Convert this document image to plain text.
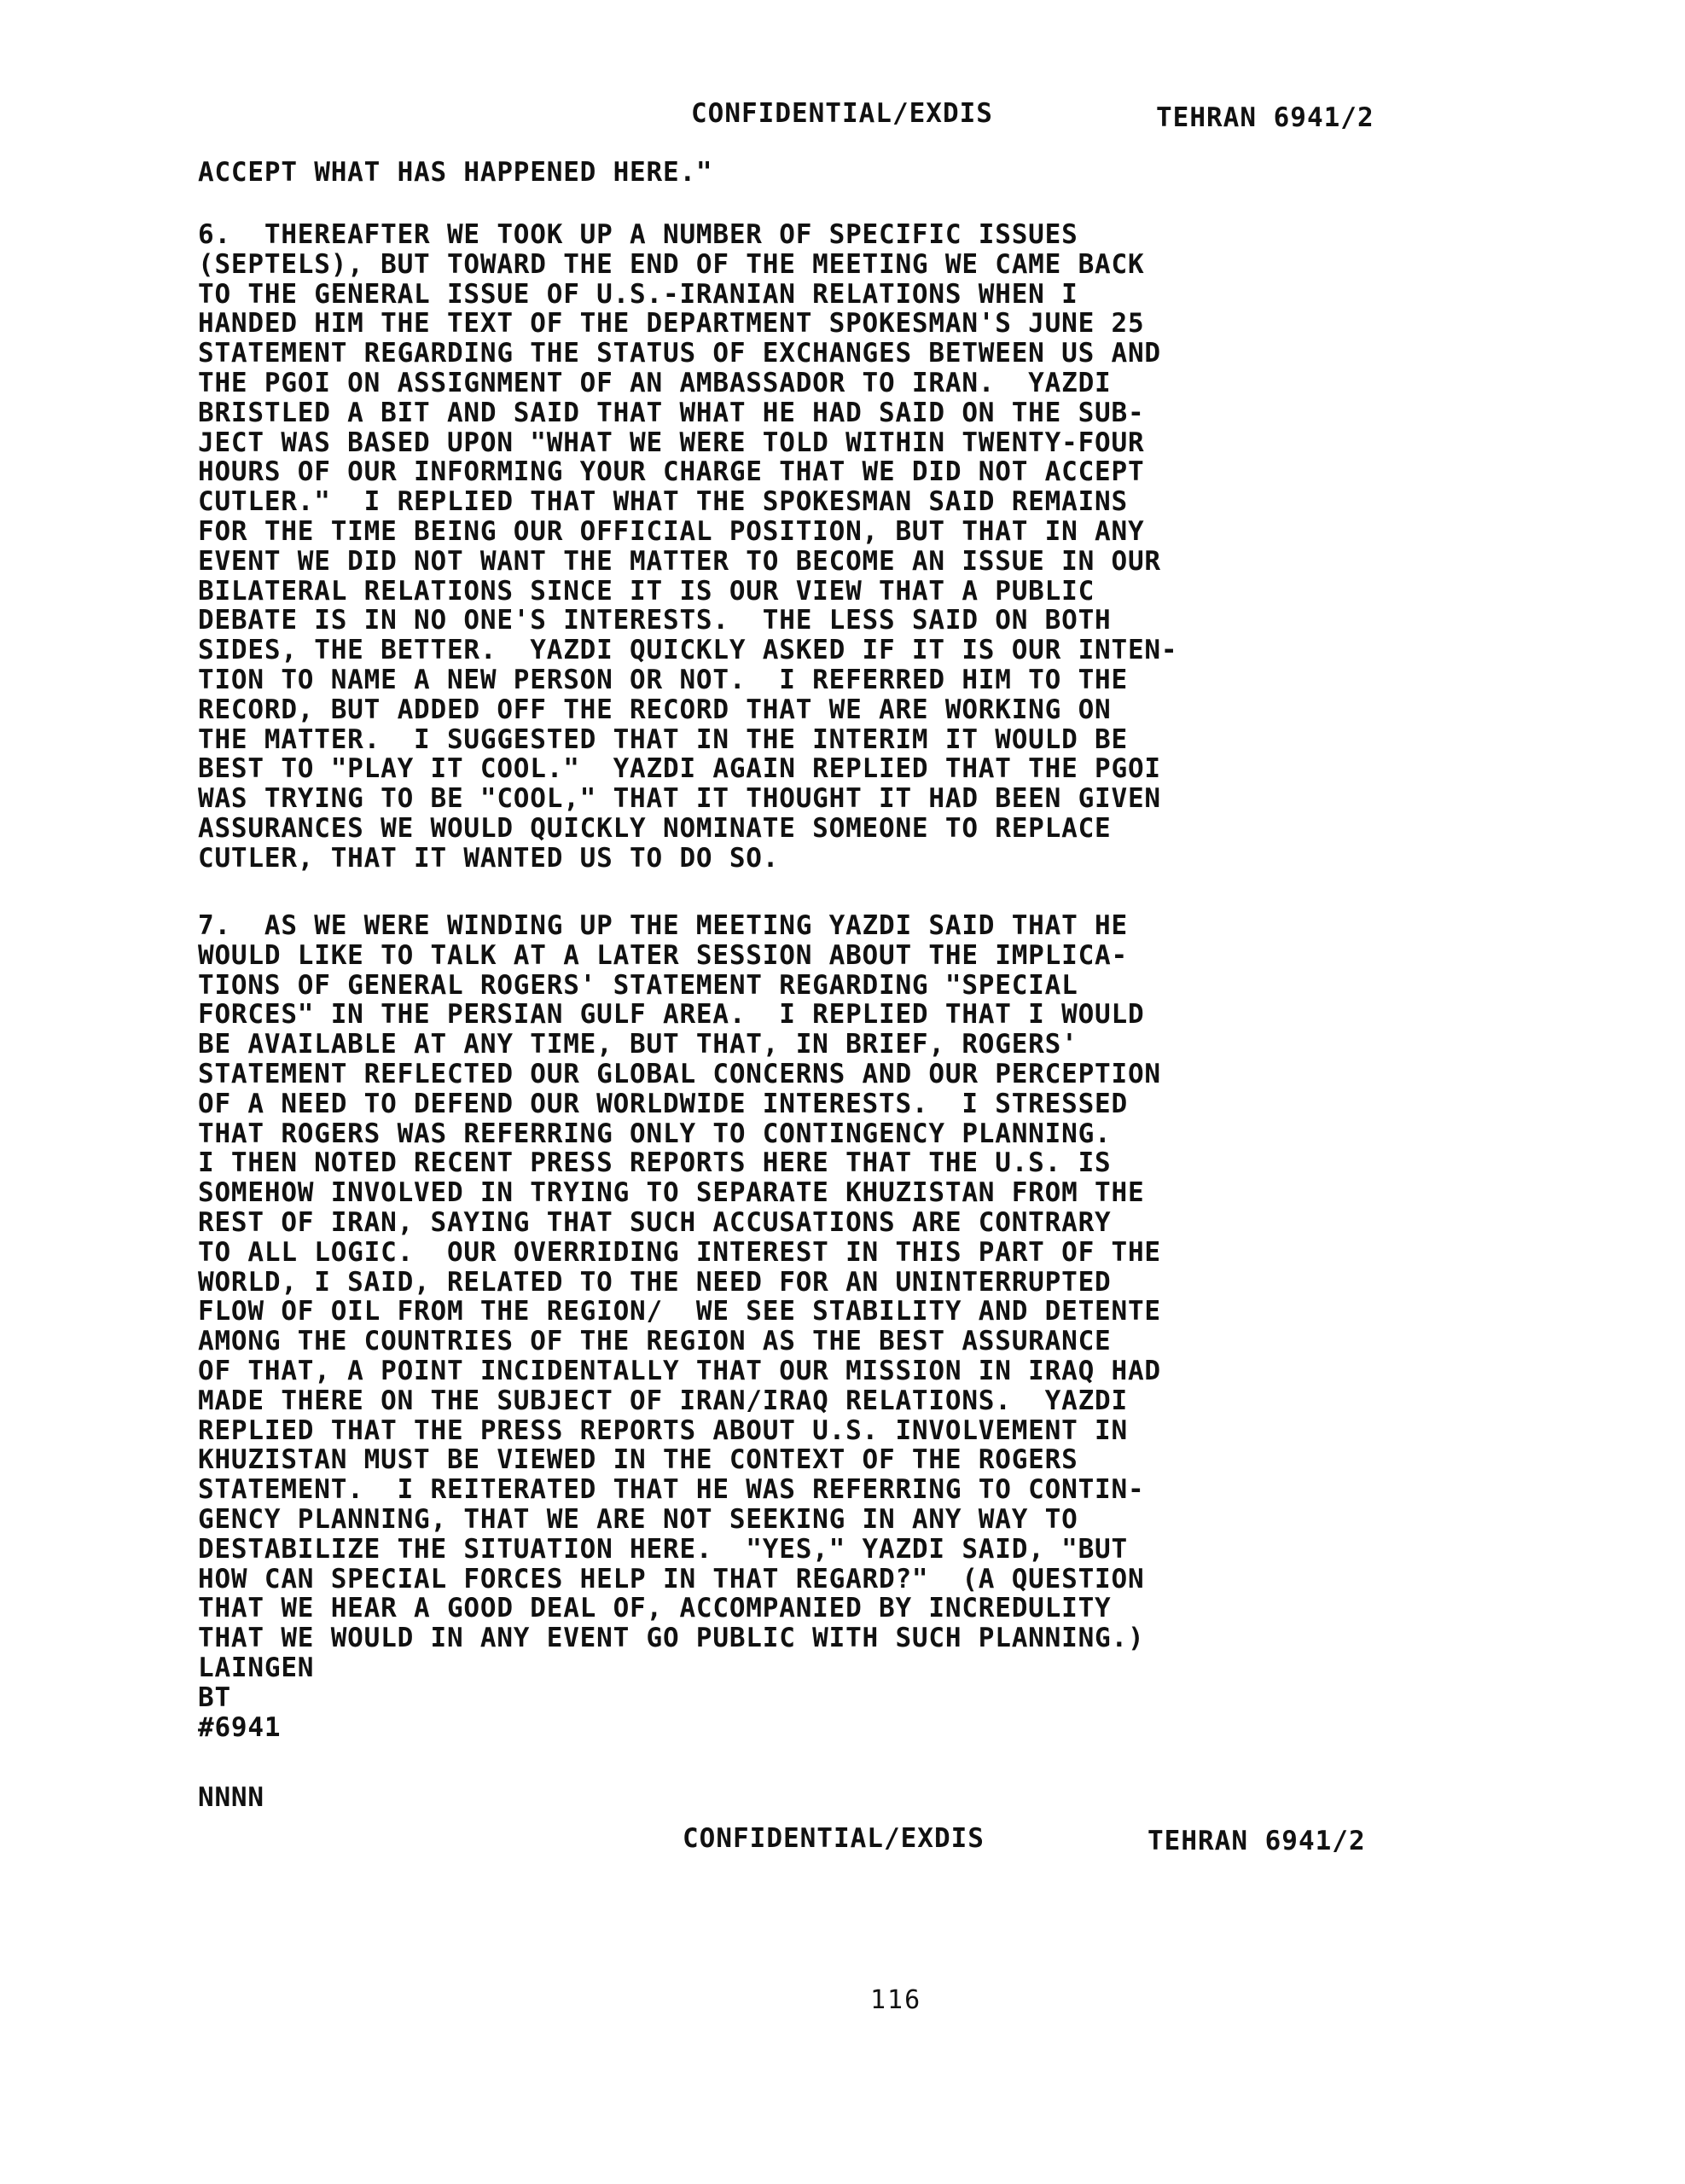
CONFIDENTIAL/EXDIS	TEHRAN 6941/2
ACCEPT WHAT HAS HAPPENED HERE."
6.  THEREAFTER WE TOOK UP A NUMBER OF SPECIFIC ISSUES
(SEPTELS), BUT TOWARD THE END OF THE MEETING WE CAME BACK
TO THE GENERAL ISSUE OF U.S.-IRANIAN RELATIONS WHEN I
HANDED HIM THE TEXT OF THE DEPARTMENT SPOKESMAN'S JUNE 25
STATEMENT REGARDING THE STATUS OF EXCHANGES BETWEEN US AND
THE PGOI ON ASSIGNMENT OF AN AMBASSADOR TO IRAN.  YAZDI
BRISTLED A BIT AND SAID THAT WHAT HE HAD SAID ON THE SUB-
JECT WAS BASED UPON "WHAT WE WERE TOLD WITHIN TWENTY-FOUR
HOURS OF OUR INFORMING YOUR CHARGE THAT WE DID NOT ACCEPT
CUTLER."  I REPLIED THAT WHAT THE SPOKESMAN SAID REMAINS
FOR THE TIME BEING OUR OFFICIAL POSITION, BUT THAT IN ANY
EVENT WE DID NOT WANT THE MATTER TO BECOME AN ISSUE IN OUR
BILATERAL RELATIONS SINCE IT IS OUR VIEW THAT A PUBLIC
DEBATE IS IN NO ONE'S INTERESTS.  THE LESS SAID ON BOTH
SIDES, THE BETTER.  YAZDI QUICKLY ASKED IF IT IS OUR INTEN-
TION TO NAME A NEW PERSON OR NOT.  I REFERRED HIM TO THE
RECORD, BUT ADDED OFF THE RECORD THAT WE ARE WORKING ON
THE MATTER.  I SUGGESTED THAT IN THE INTERIM IT WOULD BE
BEST TO "PLAY IT COOL."  YAZDI AGAIN REPLIED THAT THE PGOI
WAS TRYING TO BE "COOL," THAT IT THOUGHT IT HAD BEEN GIVEN
ASSURANCES WE WOULD QUICKLY NOMINATE SOMEONE TO REPLACE
CUTLER, THAT IT WANTED US TO DO SO.
7.  AS WE WERE WINDING UP THE MEETING YAZDI SAID THAT HE
WOULD LIKE TO TALK AT A LATER SESSION ABOUT THE IMPLICA-
TIONS OF GENERAL ROGERS' STATEMENT REGARDING "SPECIAL
FORCES" IN THE PERSIAN GULF AREA.  I REPLIED THAT I WOULD
BE AVAILABLE AT ANY TIME, BUT THAT, IN BRIEF, ROGERS'
STATEMENT REFLECTED OUR GLOBAL CONCERNS AND OUR PERCEPTION
OF A NEED TO DEFEND OUR WORLDWIDE INTERESTS.  I STRESSED
THAT ROGERS WAS REFERRING ONLY TO CONTINGENCY PLANNING.
I THEN NOTED RECENT PRESS REPORTS HERE THAT THE U.S. IS
SOMEHOW INVOLVED IN TRYING TO SEPARATE KHUZISTAN FROM THE
REST OF IRAN, SAYING THAT SUCH ACCUSATIONS ARE CONTRARY
TO ALL LOGIC.  OUR OVERRIDING INTEREST IN THIS PART OF THE
WORLD, I SAID, RELATED TO THE NEED FOR AN UNINTERRUPTED
FLOW OF OIL FROM THE REGION/  WE SEE STABILITY AND DETENTE
AMONG THE COUNTRIES OF THE REGION AS THE BEST ASSURANCE
OF THAT, A POINT INCIDENTALLY THAT OUR MISSION IN IRAQ HAD
MADE THERE ON THE SUBJECT OF IRAN/IRAQ RELATIONS.  YAZDI
REPLIED THAT THE PRESS REPORTS ABOUT U.S. INVOLVEMENT IN
KHUZISTAN MUST BE VIEWED IN THE CONTEXT OF THE ROGERS
STATEMENT.  I REITERATED THAT HE WAS REFERRING TO CONTIN-
GENCY PLANNING, THAT WE ARE NOT SEEKING IN ANY WAY TO
DESTABILIZE THE SITUATION HERE.  "YES," YAZDI SAID, "BUT
HOW CAN SPECIAL FORCES HELP IN THAT REGARD?"  (A QUESTION
THAT WE HEAR A GOOD DEAL OF, ACCOMPANIED BY INCREDULITY
THAT WE WOULD IN ANY EVENT GO PUBLIC WITH SUCH PLANNING.)
LAINGEN
BT
#6941
NNNN
CONFIDENTIAL/EXDIS	TEHRAN 6941/2
116
